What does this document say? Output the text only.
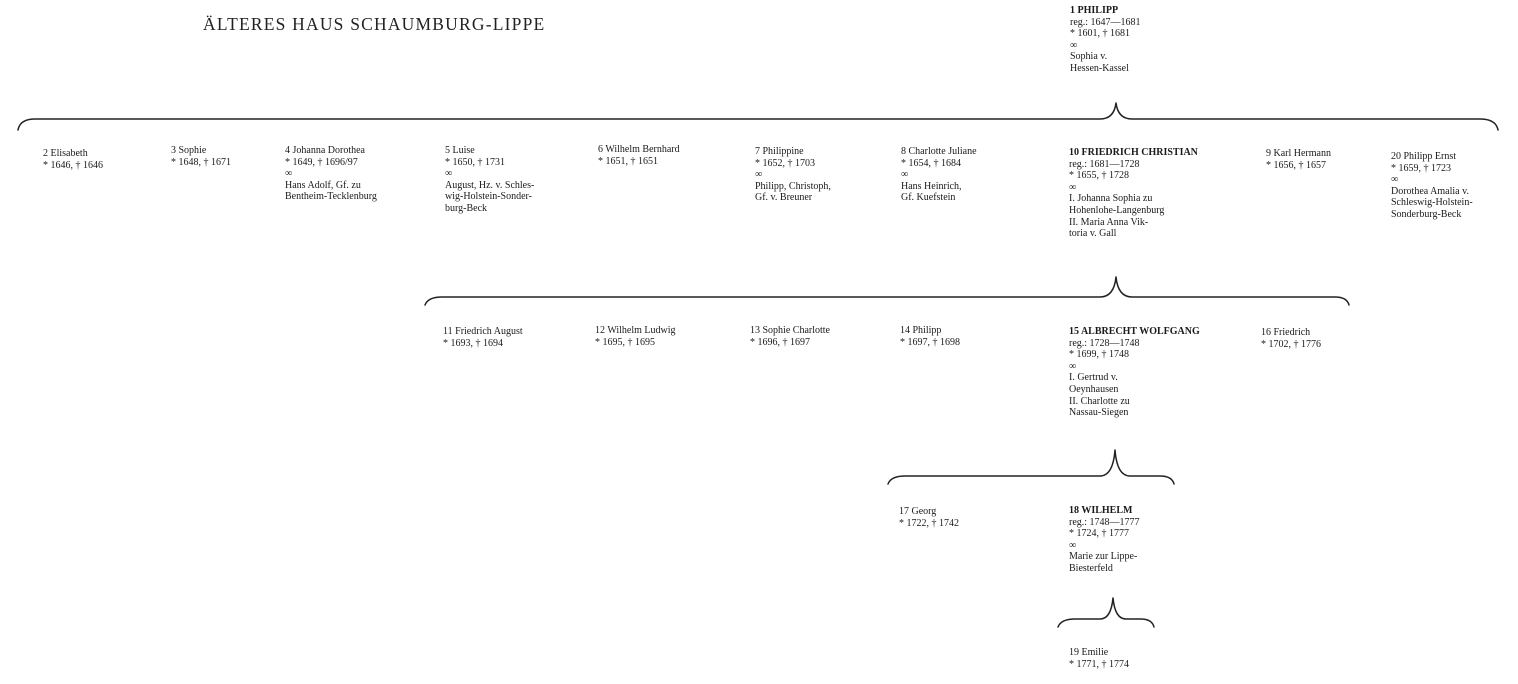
ÄLTERES HAUS SCHAUMBURG-LIPPE
1 PHILIPP
reg.: 1647—1681
* 1601, † 1681
∞
Sophia v.
Hessen-Kassel
2 Elisabeth
* 1646, † 1646
3 Sophie
* 1648, † 1671
4 Johanna Dorothea
* 1649, † 1696/97
∞
Hans Adolf, Gf. zu
Bentheim-Tecklenburg
5 Luise
* 1650, † 1731
∞
August, Hz. v. Schles-
wig-Holstein-Sonder-
burg-Beck
6 Wilhelm Bernhard
* 1651, † 1651
7 Philippine
* 1652, † 1703
∞
Philipp, Christoph,
Gf. v. Breuner
8 Charlotte Juliane
* 1654, † 1684
∞
Hans Heinrich,
Gf. Kuefstein
10 FRIEDRICH CHRISTIAN
reg.: 1681—1728
* 1655, † 1728
∞
I. Johanna Sophia zu
Hohenlohe-Langenburg
II. Maria Anna Vik-
toria v. Gall
9 Karl Hermann
* 1656, † 1657
20 Philipp Ernst
* 1659, † 1723
∞
Dorothea Amalia v.
Schleswig-Holstein-
Sonderburg-Beck
11 Friedrich August
* 1693, † 1694
12 Wilhelm Ludwig
* 1695, † 1695
13 Sophie Charlotte
* 1696, † 1697
14 Philipp
* 1697, † 1698
15 ALBRECHT WOLFGANG
reg.: 1728—1748
* 1699, † 1748
∞
I. Gertrud v.
Oeynhausen
II. Charlotte zu
Nassau-Siegen
16 Friedrich
* 1702, † 1776
17 Georg
* 1722, † 1742
18 WILHELM
reg.: 1748—1777
* 1724, † 1777
∞
Marie zur Lippe-
Biesterfeld
19 Emilie
* 1771, † 1774
